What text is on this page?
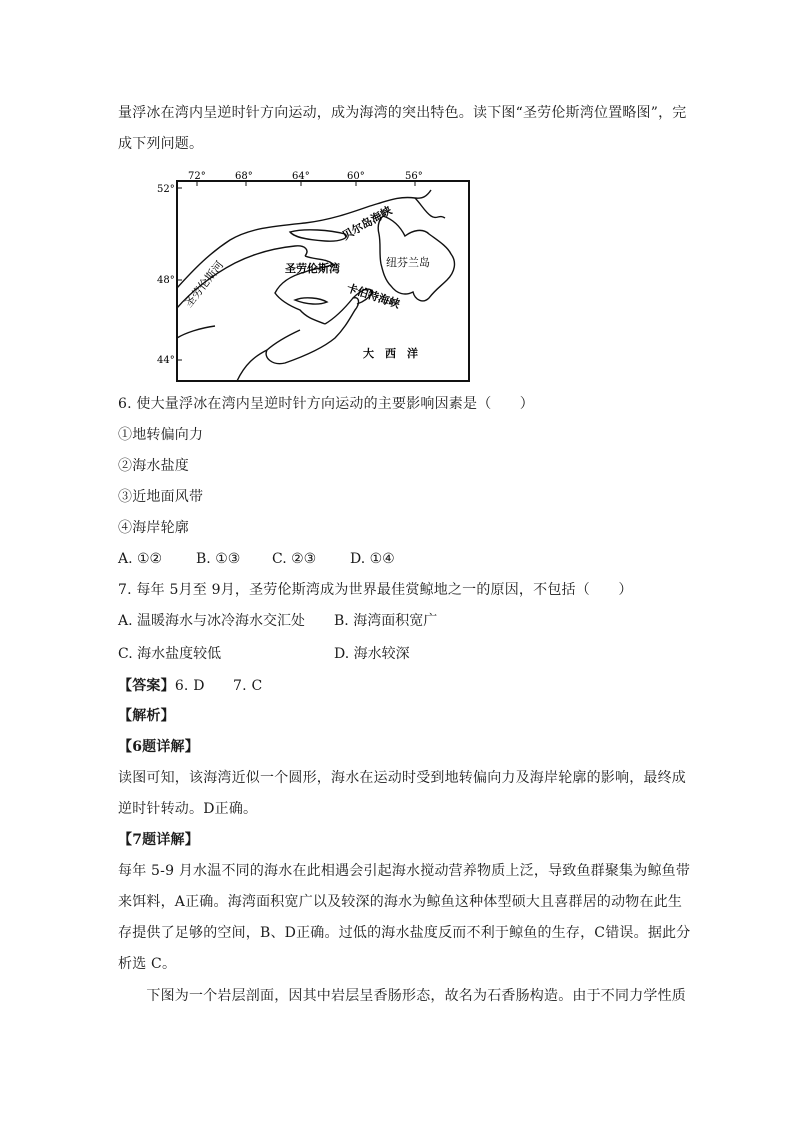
量浮冰在湾内呈逆时针方向运动，成为海湾的突出特色。读下图“圣劳伦斯湾位置略图”，完
成下列问题。
72°	68°	64°	60°	56°
52°
48°
44°
圣劳伦斯河
贝尔岛海峡
圣劳伦斯湾	纽芬兰岛
卡伯特海峡
大　西　洋
6. 使大量浮冰在湾内呈逆时针方向运动的主要影响因素是（　　）
①地转偏向力
②海水盐度
③近地面风带
④海岸轮廓
A. ①② B. ①③ C. ②③ D. ①④
7. 每年 5月至 9月，圣劳伦斯湾成为世界最佳赏鲸地之一的原因，不包括（　　）
A. 温暖海水与冰冷海水交汇处 B. 海湾面积宽广
C. 海水盐度较低	D. 海水较深
【答案】6. D　　7. C
【解析】
【6题详解】
读图可知，该海湾近似一个圆形，海水在运动时受到地转偏向力及海岸轮廓的影响，最终成
逆时针转动。D正确。
【7题详解】
每年 5-9 月水温不同的海水在此相遇会引起海水搅动营养物质上泛，导致鱼群聚集为鲸鱼带
来饵料，A正确。海湾面积宽广以及较深的海水为鲸鱼这种体型硕大且喜群居的动物在此生
存提供了足够的空间，B、D正确。过低的海水盐度反而不利于鲸鱼的生存，C错误。据此分
析选 C。
　　下图为一个岩层剖面，因其中岩层呈香肠形态，故名为石香肠构造。由于不同力学性质
